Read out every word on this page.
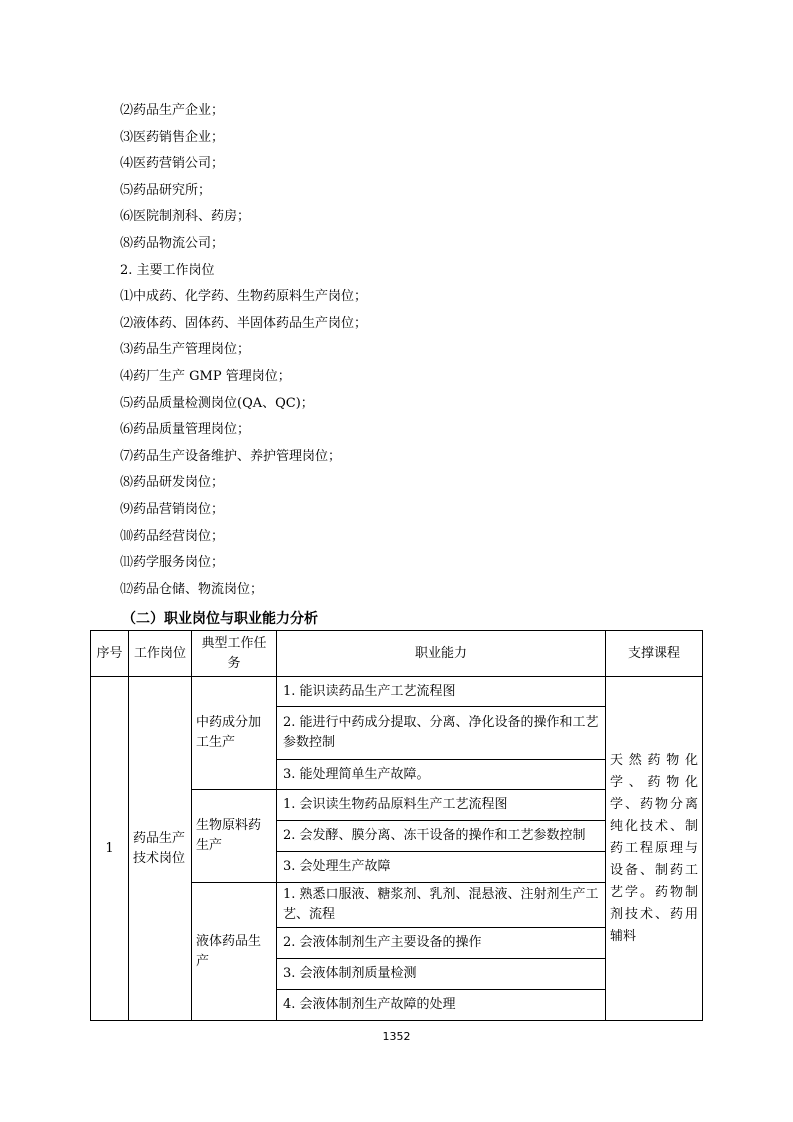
⑵药品生产企业；
⑶医药销售企业；
⑷医药营销公司；
⑸药品研究所；
⑹医院制剂科、药房；
⑻药品物流公司；
2. 主要工作岗位
⑴中成药、化学药、生物药原料生产岗位；
⑵液体药、固体药、半固体药品生产岗位；
⑶药品生产管理岗位；
⑷药厂生产 GMP 管理岗位；
⑸药品质量检测岗位(QA、QC)；
⑹药品质量管理岗位；
⑺药品生产设备维护、养护管理岗位；
⑻药品研发岗位；
⑼药品营销岗位；
⑽药品经营岗位；
⑾药学服务岗位；
⑿药品仓储、物流岗位；
（二）职业岗位与职业能力分析
序号	工作岗位	典型工作任务	职业能力	支撑课程
1	药品生产技术岗位	中药成分加工生产	1. 能识读药品生产工艺流程图	天然药物化学、药物化学、药物分离纯化技术、制药工程原理与设备、制药工艺学。药物制剂技术、药用辅料
			2. 能进行中药成分提取、分离、净化设备的操作和工艺参数控制	
			3. 能处理简单生产故障。	
		生物原料药生产	1. 会识读生物药品原料生产工艺流程图	
			2. 会发酵、膜分离、冻干设备的操作和工艺参数控制	
			3. 会处理生产故障	
		液体药品生产	1. 熟悉口服液、糖浆剂、乳剂、混悬液、注射剂生产工艺、流程	
			2. 会液体制剂生产主要设备的操作	
			3. 会液体制剂质量检测	
			4. 会液体制剂生产故障的处理	
1352
